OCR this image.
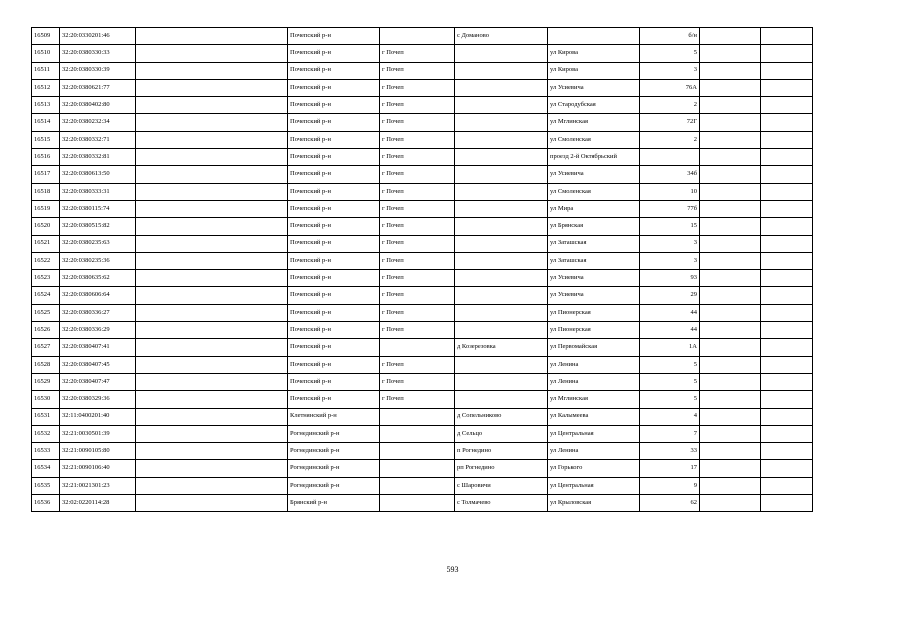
16509	32:20:0330201:46		Почепский р-н		с Доманово		б/н		
16510	32:20:0380330:33		Почепский р-н	г Почеп		ул Кирова	5		
16511	32:20:0380330:39		Почепский р-н	г Почеп		ул Кирова	3		
16512	32:20:0380621:77		Почепский р-н	г Почеп		ул Усиевича	76А		
16513	32:20:0380402:80		Почепский р-н	г Почеп		ул Стародубская	2		
16514	32:20:0380232:34		Почепский р-н	г Почеп		ул Мглинская	72Г		
16515	32:20:0380332:71		Почепский р-н	г Почеп		ул Смоленская	2		
16516	32:20:0380332:81		Почепский р-н	г Почеп		проезд 2-й Октябрьский			
16517	32:20:0380613:50		Почепский р-н	г Почеп		ул Усиевича	34б		
16518	32:20:0380333:31		Почепский р-н	г Почеп		ул Смоленская	10		
16519	32:20:0380115:74		Почепский р-н	г Почеп		ул Мира	77б		
16520	32:20:0380515:82		Почепский р-н	г Почеп		ул Брянская	15		
16521	32:20:0380235:63		Почепский р-н	г Почеп		ул Заташская	3		
16522	32:20:0380235:36		Почепский р-н	г Почеп		ул Заташская	3		
16523	32:20:0380635:62		Почепский р-н	г Почеп		ул Усиевича	93		
16524	32:20:0380606:64		Почепский р-н	г Почеп		ул Усиевича	29		
16525	32:20:0380336:27		Почепский р-н	г Почеп		ул Пионерская	44		
16526	32:20:0380336:29		Почепский р-н	г Почеп		ул Пионерская	44		
16527	32:20:0380407:41		Почепский р-н		д Козерезовка	ул Первомайская	1А		
16528	32:20:0380407:45		Почепский р-н	г Почеп		ул Ленина	5		
16529	32:20:0380407:47		Почепский р-н	г Почеп		ул Ленина	5		
16530	32:20:0380329:36		Почепский р-н	г Почеп		ул Мглинская	5		
16531	32:11:0400201:40		Клетнянский р-н		д Сопельниково	ул Калымеева	4		
16532	32:21:0030501:39		Рогнединский р-н		д Сельцо	ул Центральная	7		
16533	32:21:0090105:80		Рогнединский р-н		п Рогнедино	ул Ленина	33		
16534	32:21:0090106:40		Рогнединский р-н		рп Рогнедино	ул Горького	17		
16535	32:21:0021301:23		Рогнединский р-н		с Шаровичи	ул Центральная	9		
16536	32:02:0220114:28		Брянский р-н		с Толмачево	ул Крыловская	62		
593
